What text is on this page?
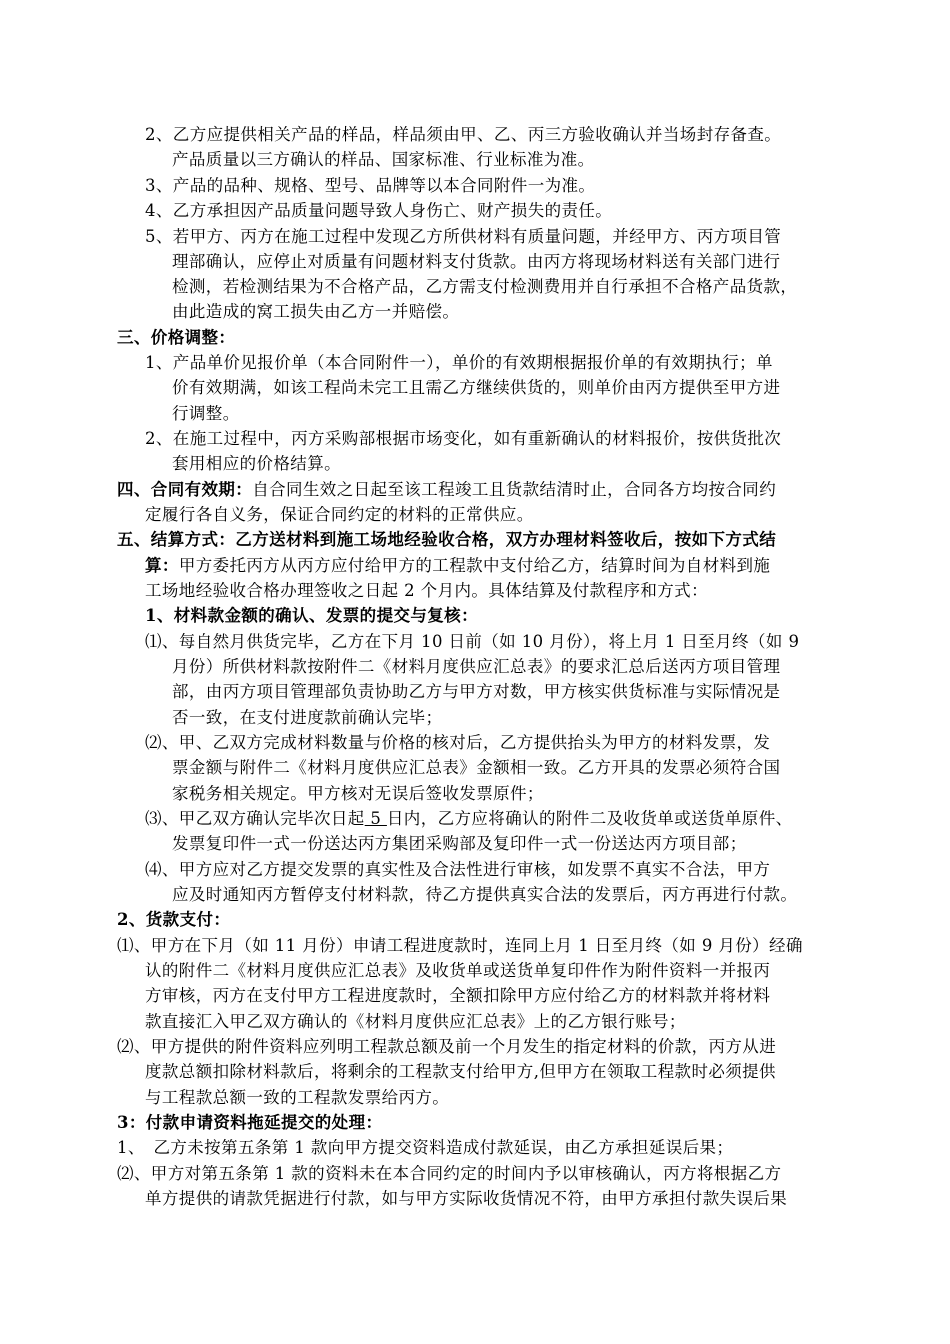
2、乙方应提供相关产品的样品，样品须由甲、乙、丙三方验收确认并当场封存备查。
产品质量以三方确认的样品、国家标准、行业标准为准。
3、产品的品种、规格、型号、品牌等以本合同附件一为准。
4、乙方承担因产品质量问题导致人身伤亡、财产损失的责任。
5、若甲方、丙方在施工过程中发现乙方所供材料有质量问题，并经甲方、丙方项目管
理部确认，应停止对质量有问题材料支付货款。由丙方将现场材料送有关部门进行
检测，若检测结果为不合格产品，乙方需支付检测费用并自行承担不合格产品货款，
由此造成的窝工损失由乙方一并赔偿。
三、价格调整：
1、产品单价见报价单（本合同附件一），单价的有效期根据报价单的有效期执行；单
价有效期满，如该工程尚未完工且需乙方继续供货的，则单价由丙方提供至甲方进
行调整。
2、在施工过程中，丙方采购部根据市场变化，如有重新确认的材料报价，按供货批次
套用相应的价格结算。
四、合同有效期：自合同生效之日起至该工程竣工且货款结清时止，合同各方均按合同约
定履行各自义务，保证合同约定的材料的正常供应。
五、结算方式：乙方送材料到施工场地经验收合格，双方办理材料签收后，按如下方式结
算：甲方委托丙方从丙方应付给甲方的工程款中支付给乙方，结算时间为自材料到施
工场地经验收合格办理签收之日起 2 个月内。具体结算及付款程序和方式：
1、材料款金额的确认、发票的提交与复核：
⑴、每自然月供货完毕，乙方在下月 10 日前（如 10 月份），将上月 1 日至月终（如 9
月份）所供材料款按附件二《材料月度供应汇总表》的要求汇总后送丙方项目管理
部，由丙方项目管理部负责协助乙方与甲方对数，甲方核实供货标准与实际情况是
否一致，在支付进度款前确认完毕；
⑵、甲、乙双方完成材料数量与价格的核对后，乙方提供抬头为甲方的材料发票，发
票金额与附件二《材料月度供应汇总表》金额相一致。乙方开具的发票必须符合国
家税务相关规定。甲方核对无误后签收发票原件；
⑶、甲乙双方确认完毕次日起 5 日内，乙方应将确认的附件二及收货单或送货单原件、
发票复印件一式一份送达丙方集团采购部及复印件一式一份送达丙方项目部；
⑷、甲方应对乙方提交发票的真实性及合法性进行审核，如发票不真实不合法，甲方
应及时通知丙方暂停支付材料款，待乙方提供真实合法的发票后，丙方再进行付款。
2、货款支付：
⑴、甲方在下月（如 11 月份）申请工程进度款时，连同上月 1 日至月终（如 9 月份）经确
认的附件二《材料月度供应汇总表》及收货单或送货单复印件作为附件资料一并报丙
方审核，丙方在支付甲方工程进度款时，全额扣除甲方应付给乙方的材料款并将材料
款直接汇入甲乙双方确认的《材料月度供应汇总表》上的乙方银行账号；
⑵、甲方提供的附件资料应列明工程款总额及前一个月发生的指定材料的价款，丙方从进
度款总额扣除材料款后，将剩余的工程款支付给甲方,但甲方在领取工程款时必须提供
与工程款总额一致的工程款发票给丙方。
3：付款申请资料拖延提交的处理：
1、　乙方未按第五条第 1 款向甲方提交资料造成付款延误，由乙方承担延误后果；
⑵、甲方对第五条第 1 款的资料未在本合同约定的时间内予以审核确认，丙方将根据乙方
单方提供的请款凭据进行付款，如与甲方实际收货情况不符，由甲方承担付款失误后果
